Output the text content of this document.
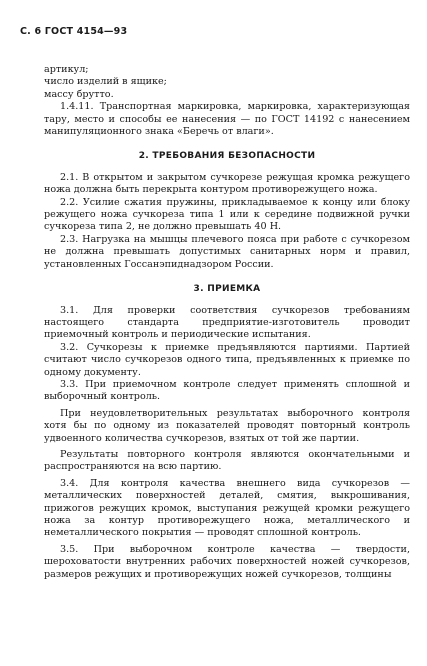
С. 6 ГОСТ 4154—93
артикул;
число изделий в ящике;
массу брутто.

1.4.11. Транспортная маркировка, маркировка, характеризующая тару, место и способы ее нанесения — по ГОСТ 14192 с нанесением манипуляционного знака «Беречь от влаги».

2. ТРЕБОВАНИЯ БЕЗОПАСНОСТИ

2.1. В открытом и закрытом сучкорезе режущая кромка режущего ножа должна быть перекрыта контуром противорежущего ножа.

2.2. Усилие сжатия пружины, прикладываемое к концу или блоку режущего ножа сучкореза типа 1 или к середине подвижной ручки сучкореза типа 2, не должно превышать 40 Н.

2.3. Нагрузка на мышцы плечевого пояса при работе с сучкорезом не должна превышать допустимых санитарных норм и правил, установленных Госсанэпиднадзором России.

3. ПРИЕМКА

3.1. Для проверки соответствия сучкорезов требованиям настоящего стандарта предприятие-изготовитель проводит приемочный контроль и периодические испытания.

3.2. Сучкорезы к приемке предъявляются партиями. Партией считают число сучкорезов одного типа, предъявленных к приемке по одному документу.

3.3. При приемочном контроле следует применять сплошной и выборочный контроль.

При неудовлетворительных результатах выборочного контроля хотя бы по одному из показателей проводят повторный контроль удвоенного количества сучкорезов, взятых от той же партии.

Результаты повторного контроля являются окончательными и распространяются на всю партию.

3.4. Для контроля качества внешнего вида сучкорезов — металлических поверхностей деталей, смятия, выкрошивания, прижогов режущих кромок, выступания режущей кромки режущего ножа за контур противорежущего ножа, металлического и неметаллического покрытия — проводят сплошной контроль.

3.5. При выборочном контроле качества — твердости, шероховатости внутренних рабочих поверхностей ножей сучкорезов, размеров режущих и противорежущих ножей сучкорезов, толщины
